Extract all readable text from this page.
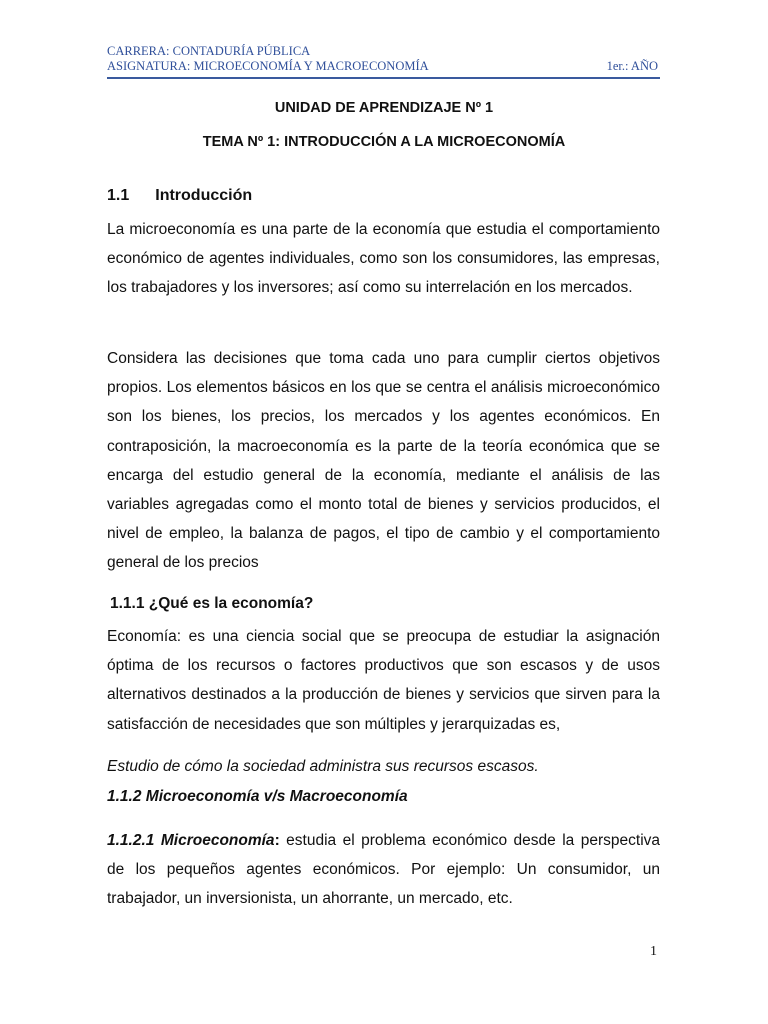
CARRERA: CONTADURÍA PÚBLICA
ASIGNATURA: MICROECONOMÍA Y MACROECONOMÍA	1er.: AÑO
UNIDAD DE APRENDIZAJE Nº 1
TEMA Nº 1: INTRODUCCIÓN A LA MICROECONOMÍA
1.1 Introducción
La microeconomía es una parte de la economía que estudia el comportamiento económico de agentes individuales, como son los consumidores, las empresas, los trabajadores y los inversores; así como su interrelación en los mercados.
Considera las decisiones que toma cada uno para cumplir ciertos objetivos propios. Los elementos básicos en los que se centra el análisis microeconómico son los bienes, los precios, los mercados y los agentes económicos. En contraposición, la macroeconomía es la parte de la teoría económica que se encarga del estudio general de la economía, mediante el análisis de las variables agregadas como el monto total de bienes y servicios producidos, el nivel de empleo, la balanza de pagos, el tipo de cambio y el comportamiento general de los precios
1.1.1 ¿Qué es la economía?
Economía: es una ciencia social que se preocupa de estudiar la asignación óptima de los recursos o factores productivos que son escasos y de usos alternativos destinados a la producción de bienes y servicios que sirven para la satisfacción de necesidades que son múltiples y jerarquizadas es,
Estudio de cómo la sociedad administra sus recursos escasos.
1.1.2 Microeconomía v/s Macroeconomía
1.1.2.1 Microeconomía: estudia el problema económico desde la perspectiva de los pequeños agentes económicos. Por ejemplo: Un consumidor, un trabajador, un inversionista, un ahorrante, un mercado, etc.
1
